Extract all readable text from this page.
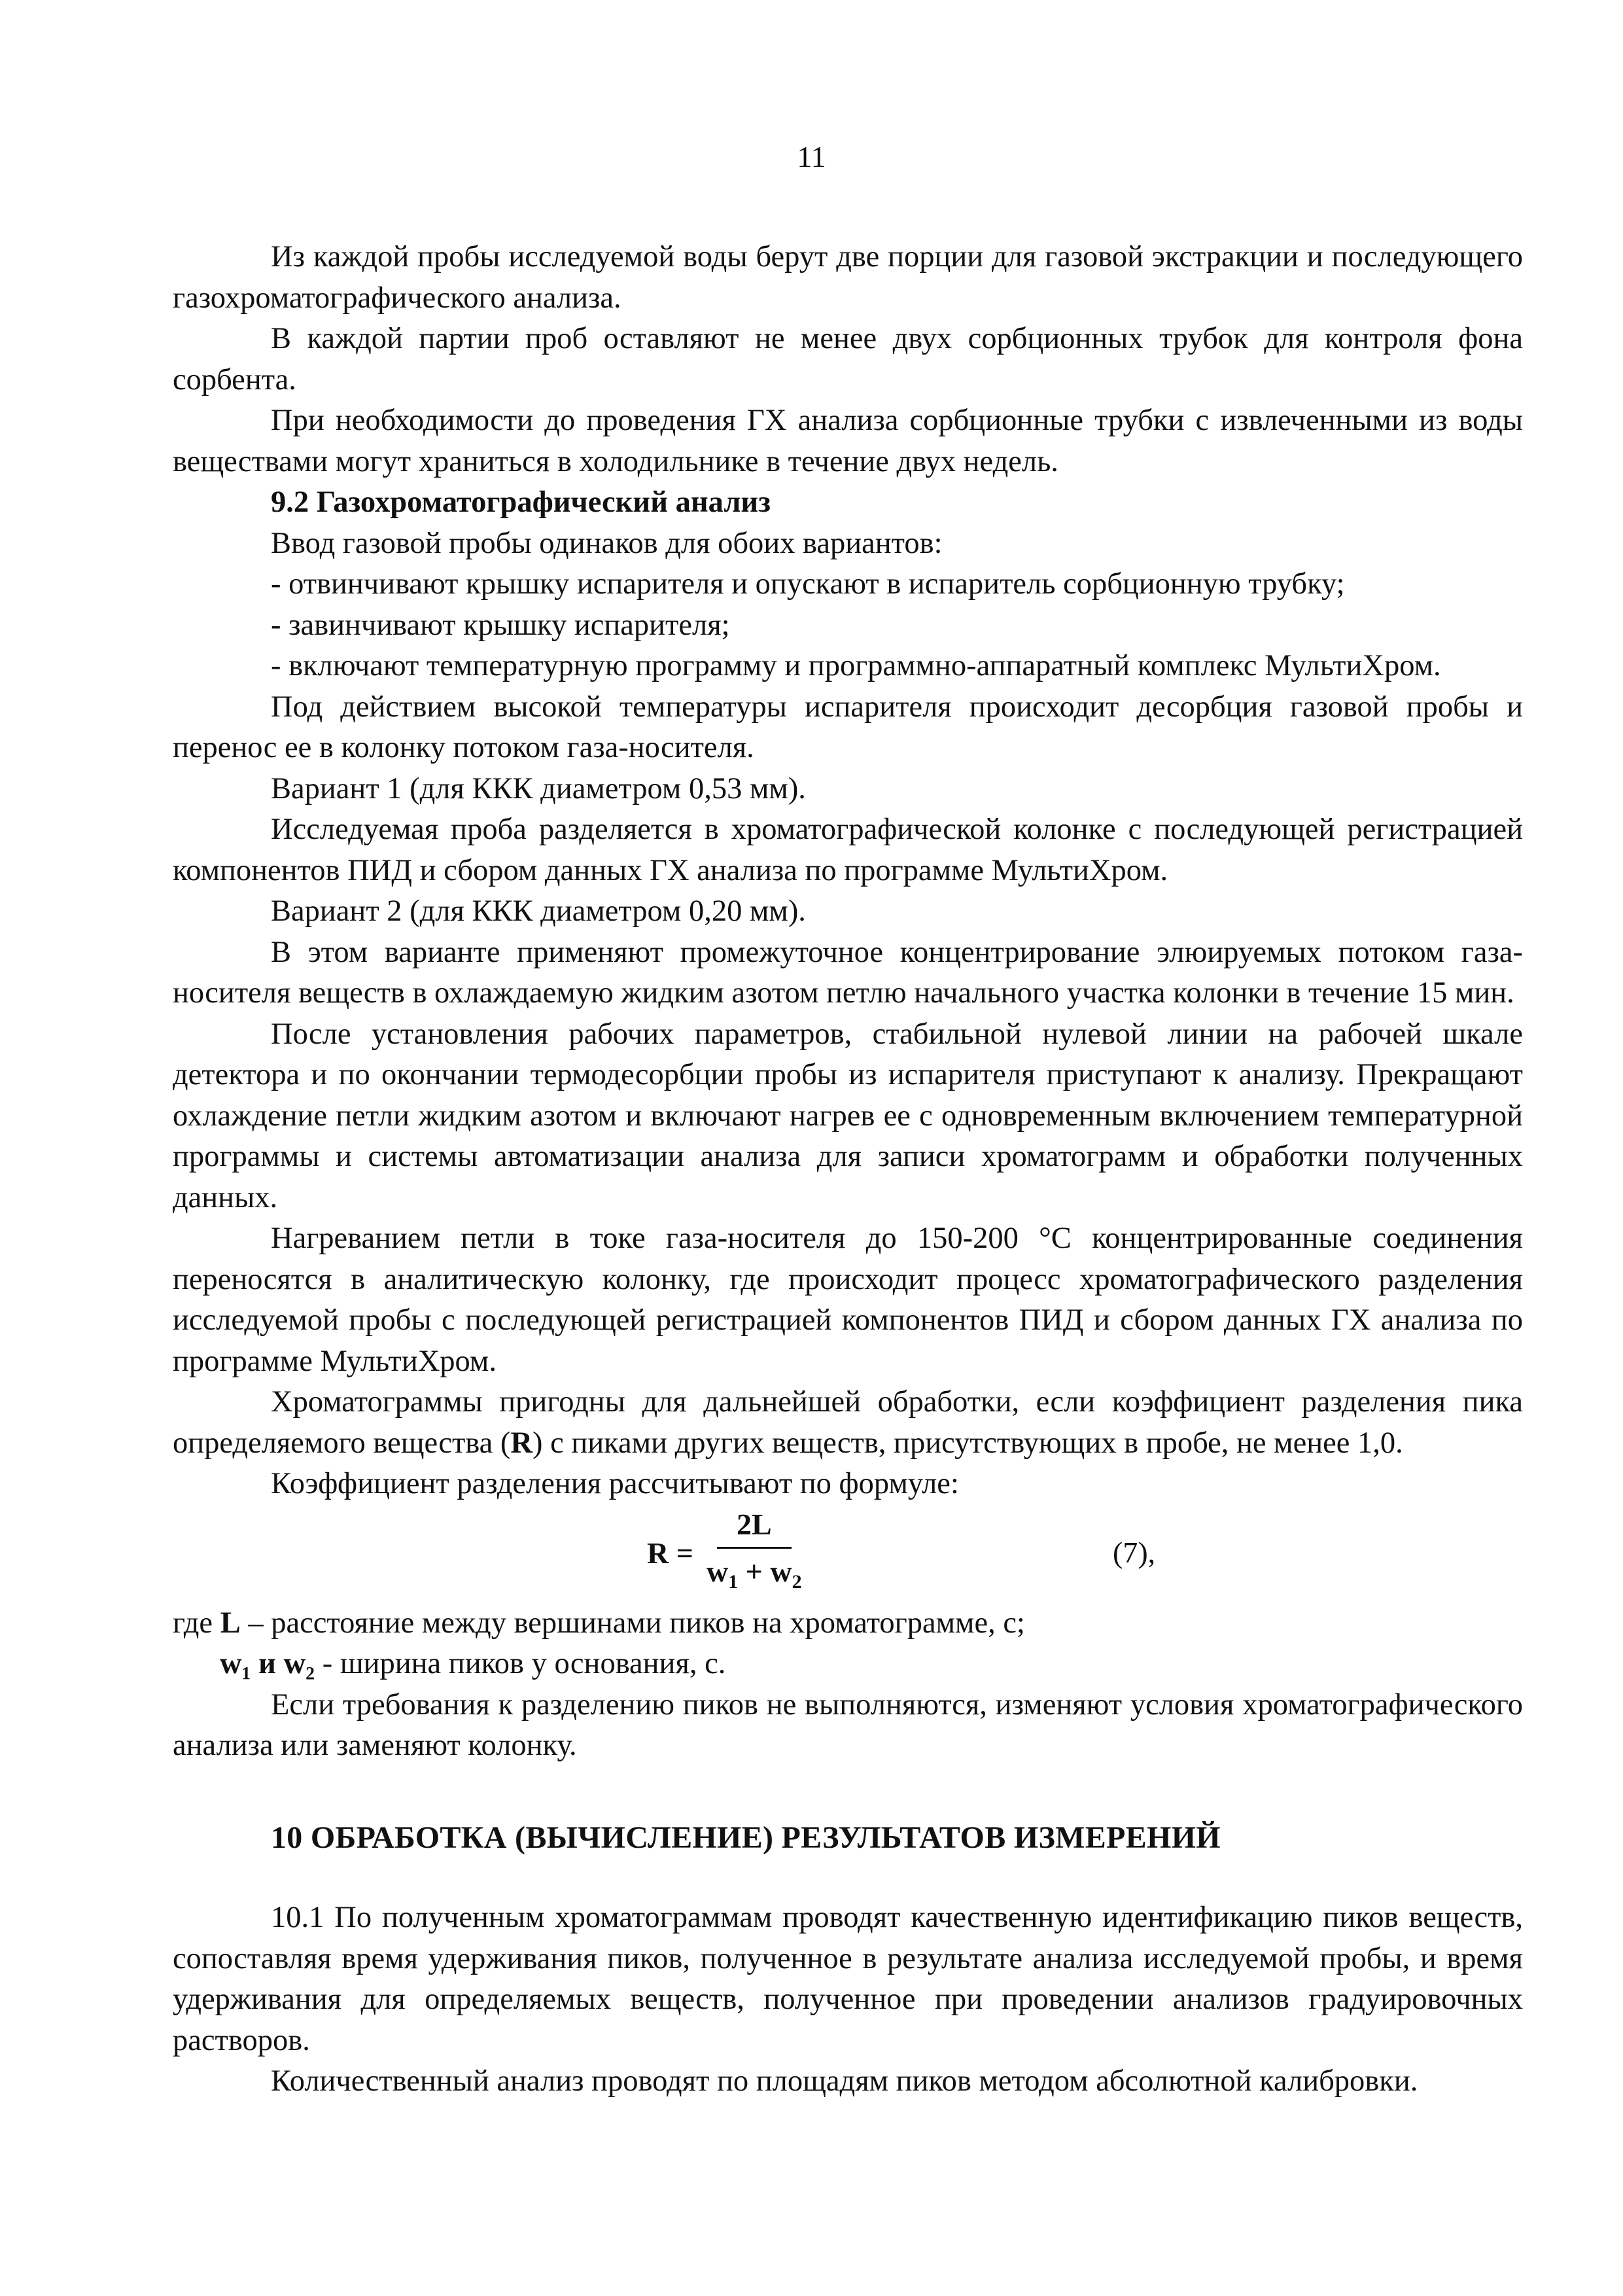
11

Из каждой пробы исследуемой воды берут две порции для газовой экстракции и последующего газохроматографического анализа.

В каждой партии проб оставляют не менее двух сорбционных трубок для контроля фона сорбента.

При необходимости до проведения ГХ анализа сорбционные трубки с извлеченными из воды веществами могут храниться в холодильнике в течение двух недель.

9.2 Газохроматографический анализ

Ввод газовой пробы одинаков для обоих вариантов:

- отвинчивают крышку испарителя и опускают в испаритель сорбционную трубку;

- завинчивают крышку испарителя;

- включают температурную программу и программно-аппаратный комплекс МультиХром.

Под действием высокой температуры испарителя происходит десорбция газовой пробы и перенос ее в колонку потоком газа-носителя.

Вариант 1 (для ККК диаметром 0,53 мм).

Исследуемая проба разделяется в хроматографической колонке с последующей регистрацией компонентов ПИД и сбором данных ГХ анализа по программе МультиХром.

Вариант 2 (для ККК диаметром 0,20 мм).

В этом варианте применяют промежуточное концентрирование элюируемых потоком газа-носителя веществ в охлаждаемую жидким азотом петлю начального участка колонки в течение 15 мин.

После установления рабочих параметров, стабильной нулевой линии на рабочей шкале детектора и по окончании термодесорбции пробы из испарителя приступают к анализу. Прекращают охлаждение петли жидким азотом и включают нагрев ее с одновременным включением температурной программы и системы автоматизации анализа для записи хроматограмм и обработки полученных данных.

Нагреванием петли в токе газа-носителя до 150-200 °С концентрированные соединения переносятся в аналитическую колонку, где происходит процесс хроматографического разделения исследуемой пробы с последующей регистрацией компонентов ПИД и сбором данных ГХ анализа по программе МультиХром.

Хроматограммы пригодны для дальнейшей обработки, если коэффициент разделения пика определяемого вещества (R) с пиками других веществ, присутствующих в пробе, не менее 1,0.

Коэффициент разделения рассчитывают по формуле:

$R = \frac{2L}{w_1 + w_2}$	(7),

где L – расстояние между вершинами пиков на хроматограмме, с;

w₁ и w₂ - ширина пиков у основания, с.

Если требования к разделению пиков не выполняются, изменяют условия хроматографического анализа или заменяют колонку.

10 ОБРАБОТКА (ВЫЧИСЛЕНИЕ) РЕЗУЛЬТАТОВ ИЗМЕРЕНИЙ

10.1 По полученным хроматограммам проводят качественную идентификацию пиков веществ, сопоставляя время удерживания пиков, полученное в результате анализа исследуемой пробы, и время удерживания для определяемых веществ, полученное при проведении анализов градуировочных растворов.

Количественный анализ проводят по площадям пиков методом абсолютной калибровки.
